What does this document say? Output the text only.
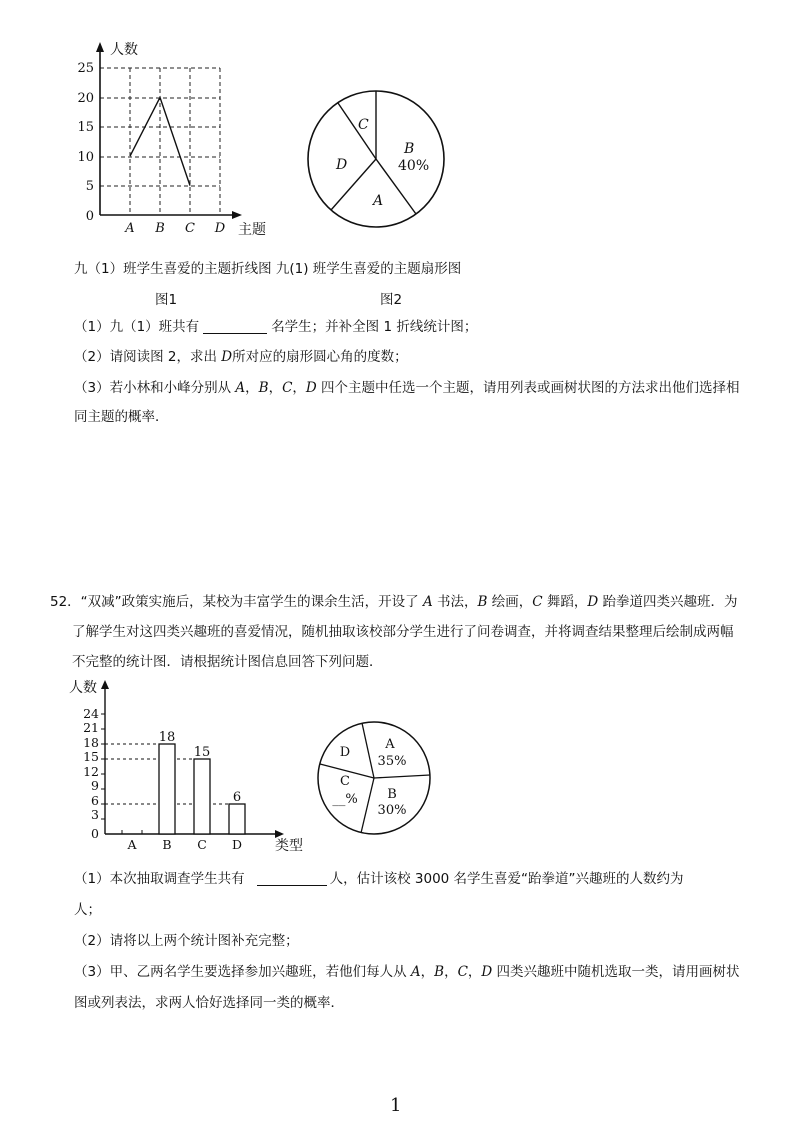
人数
主题
25
20
15
10
5
0
A B C D
C
D
B
40%
A
九（1）班学生喜爱的主题折线图 九(1) 班学生喜爱的主题扇形图
图1	图2
（1）九（1）班共有	名学生；并补全图 1 折线统计图；
（2）请阅读图 2，求出 D所对应的扇形圆心角的度数；
（3）若小林和小峰分别从 A，B，C，D 四个主题中任选一个主题，请用列表或画树状图的方法求出他们选择相
同主题的概率．
52．“双减”政策实施后，某校为丰富学生的课余生活，开设了 A 书法，B 绘画，C 舞蹈，D 跆拳道四类兴趣班．为
了解学生对这四类兴趣班的喜爱情况，随机抽取该校部分学生进行了问卷调查，并将调查结果整理后绘制成两幅
不完整的统计图．请根据统计图信息回答下列问题．
人数
类型
24
21
18
15
12
9
6
3
0
A B C D
18
15
6
A
35%
D
C
__% B
30%
（1）本次抽取调查学生共有	人，估计该校 3000 名学生喜爱“跆拳道”兴趣班的人数约为
人；
（2）请将以上两个统计图补充完整；
（3）甲、乙两名学生要选择参加兴趣班，若他们每人从 A，B，C，D 四类兴趣班中随机选取一类，请用画树状
图或列表法，求两人恰好选择同一类的概率．
1
